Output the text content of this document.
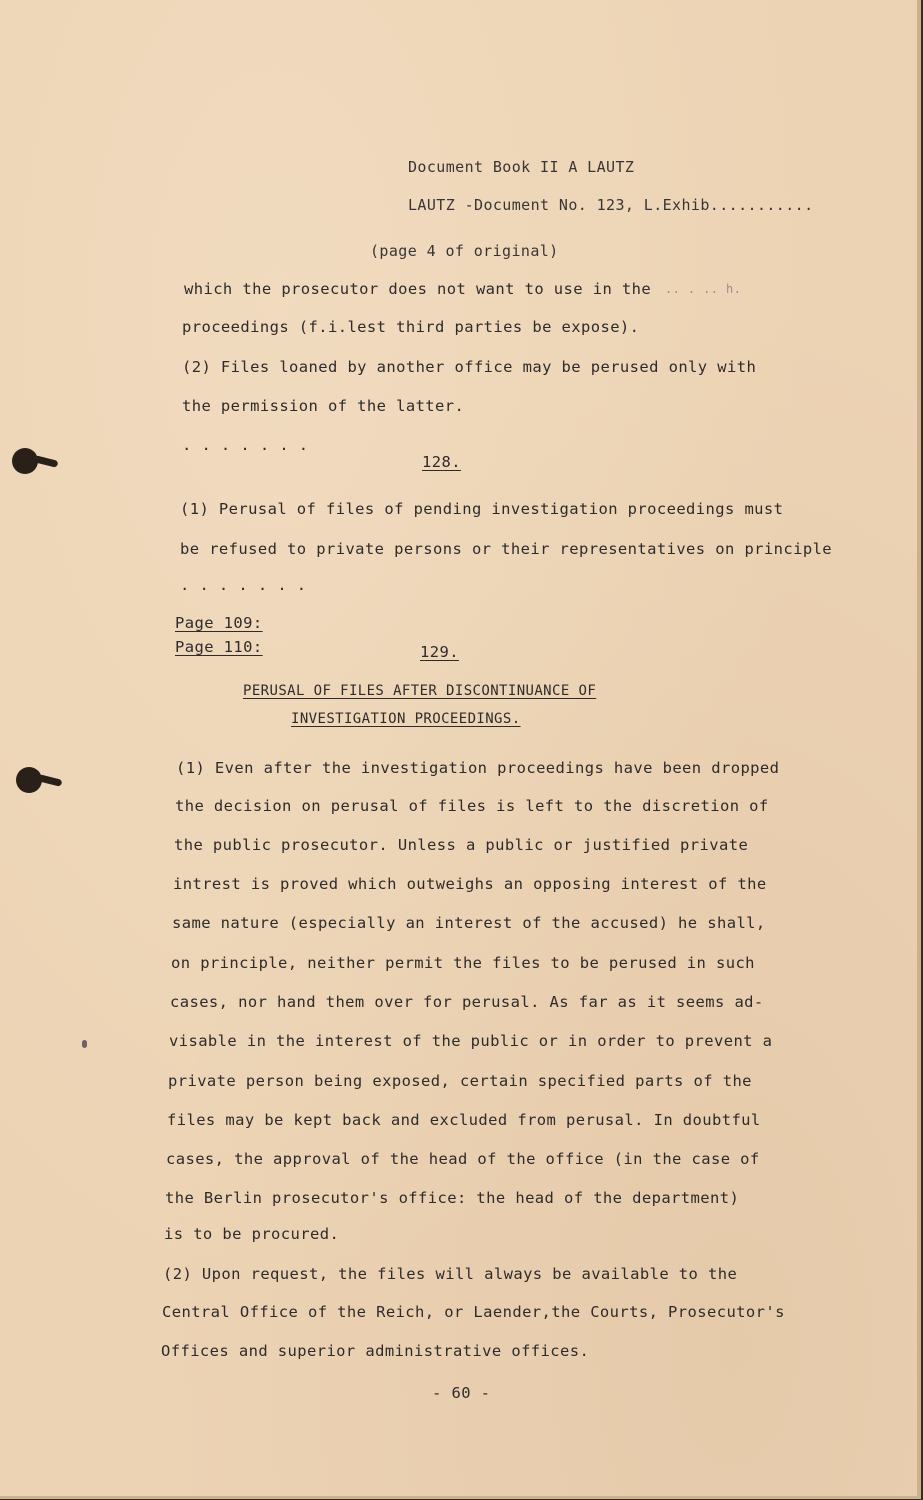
Document Book II A LAUTZ
LAUTZ -Document No. 123, L.Exhib...........
(page 4 of original)
which the prosecutor does not want to use in the .. . .. h.
proceedings (f.i.lest third parties be expose).
(2) Files loaned by another office may be perused only with
the permission of the latter.
. . . . . . .
128.
(1) Perusal of files of pending investigation proceedings must
be refused to private persons or their representatives on principle
. . . . . . .
Page 109:
Page 110:	129.
PERUSAL OF FILES AFTER DISCONTINUANCE OF
INVESTIGATION PROCEEDINGS.
(1) Even after the investigation proceedings have been dropped
the decision on perusal of files is left to the discretion of
the public prosecutor. Unless a public or justified private
intrest is proved which outweighs an opposing interest of the
same nature (especially an interest of the accused) he shall,
on principle, neither permit the files to be perused in such
cases, nor hand them over for perusal. As far as it seems ad-
visable in the interest of the public or in order to prevent a
private person being exposed, certain specified parts of the
files may be kept back and excluded from perusal. In doubtful
cases, the approval of the head of the office (in the case of
the Berlin prosecutor's office: the head of the department)
is to be procured.
(2) Upon request, the files will always be available to the
Central Office of the Reich, or Laender,the Courts, Prosecutor's
Offices and superior administrative offices.
- 60 -
